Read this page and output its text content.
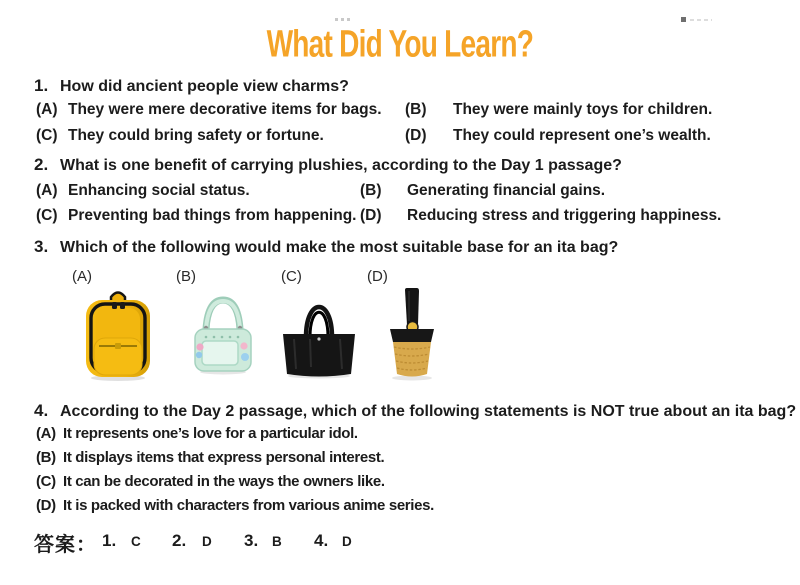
What Did You Learn?
1. How did ancient people view charms?
(A) They were mere decorative items for bags. (B) They were mainly toys for children.
(C) They could bring safety or fortune.	(D) They could represent one’s wealth.
2. What is one benefit of carrying plushies, according to the Day 1 passage?
(A) Enhancing social status.	(B) Generating financial gains.
(C) Preventing bad things from happening. (D) Reducing stress and triggering happiness.
3. Which of the following would make the most suitable base for an ita bag?
(A)	(B)	(C)	(D)
4. According to the Day 2 passage, which of the following statements is NOT true about an ita bag?
(A) It represents one’s love for a particular idol.
(B) It displays items that express personal interest.
(C) It can be decorated in the ways the owners like.
(D) It is packed with characters from various anime series.
答案： 1. C 2. D 3. B 4. D
